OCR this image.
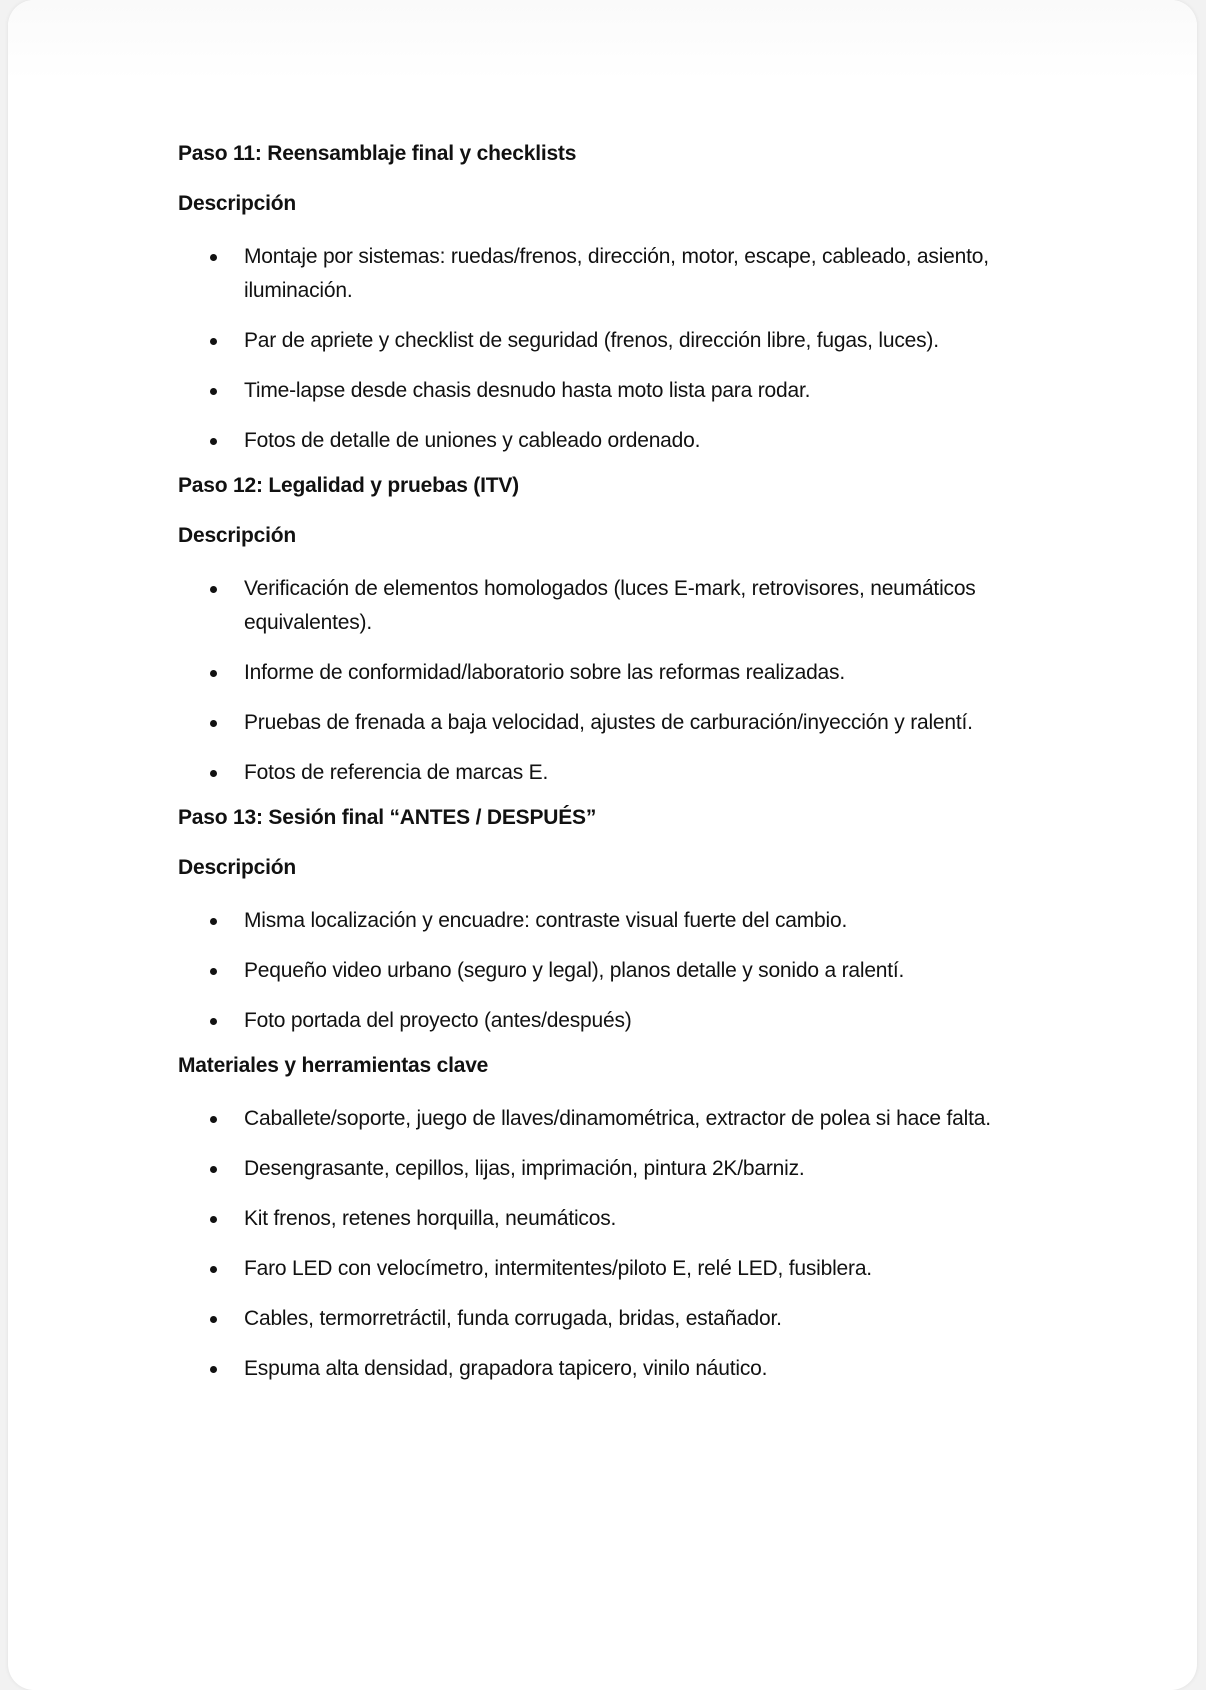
Paso 11: Reensamblaje final y checklists
Descripción
Montaje por sistemas: ruedas/frenos, dirección, motor, escape, cableado, asiento, iluminación.
Par de apriete y checklist de seguridad (frenos, dirección libre, fugas, luces).
Time-lapse desde chasis desnudo hasta moto lista para rodar.
Fotos de detalle de uniones y cableado ordenado.
Paso 12: Legalidad y pruebas (ITV)
Descripción
Verificación de elementos homologados (luces E-mark, retrovisores, neumáticos equivalentes).
Informe de conformidad/laboratorio sobre las reformas realizadas.
Pruebas de frenada a baja velocidad, ajustes de carburación/inyección y ralentí.
Fotos de referencia de marcas E.
Paso 13: Sesión final “ANTES / DESPUÉS”
Descripción
Misma localización y encuadre: contraste visual fuerte del cambio.
Pequeño video urbano (seguro y legal), planos detalle y sonido a ralentí.
Foto portada del proyecto (antes/después)
Materiales y herramientas clave
Caballete/soporte, juego de llaves/dinamométrica, extractor de polea si hace falta.
Desengrasante, cepillos, lijas, imprimación, pintura 2K/barniz.
Kit frenos, retenes horquilla, neumáticos.
Faro LED con velocímetro, intermitentes/piloto E, relé LED, fusiblera.
Cables, termorretráctil, funda corrugada, bridas, estañador.
Espuma alta densidad, grapadora tapicero, vinilo náutico.
